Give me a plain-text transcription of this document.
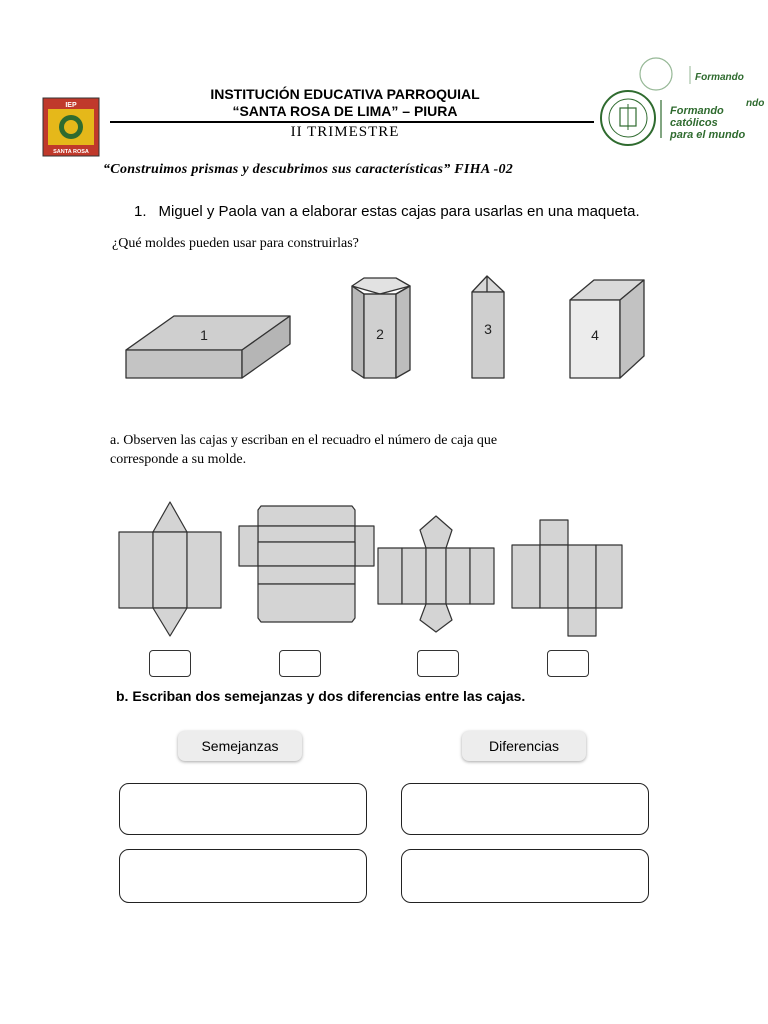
IEP
SANTA ROSA
INSTITUCIÓN EDUCATIVA PARROQUIAL
“SANTA ROSA DE LIMA” – PIURA
II TRIMESTRE
Formando
ndo
Formando
católicos
para el mundo
“Construimos prismas y descubrimos sus características” FIHA -02
1. Miguel y Paola van a elaborar estas cajas para usarlas en una maqueta.
¿Qué moldes pueden usar para construirlas?
1	2	3	4
a. Observen las cajas y escriban en el recuadro el número de caja que
corresponde a su molde.
b. Escriban dos semejanzas y dos diferencias entre las cajas.
Semejanzas	Diferencias
